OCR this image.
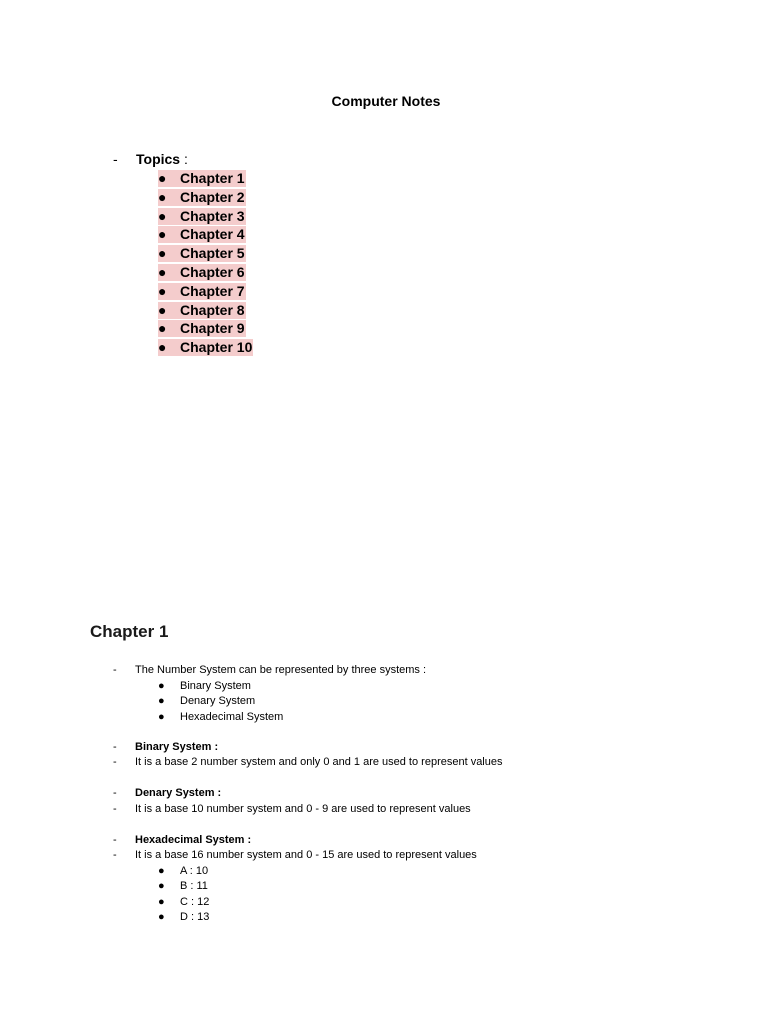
Computer Notes
-	Topics :
● Chapter 1
● Chapter 2
● Chapter 3
● Chapter 4
● Chapter 5
● Chapter 6
● Chapter 7
● Chapter 8
● Chapter 9
● Chapter 10
Chapter 1
-	The Number System can be represented by three systems :
● Binary System
● Denary System
● Hexadecimal System
-	Binary System :
-	It is a base 2 number system and only 0 and 1 are used to represent values
-	Denary System :
-	It is a base 10 number system and 0 - 9 are used to represent values
-	Hexadecimal System :
-	It is a base 16 number system and 0 - 15 are used to represent values
● A : 10
● B : 11
● C : 12
● D : 13
